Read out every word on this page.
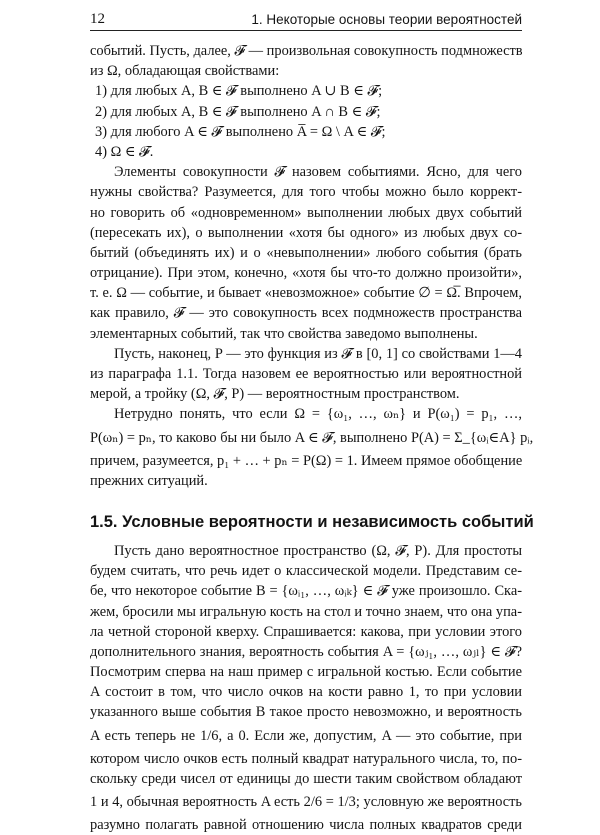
12	1. Некоторые основы теории вероятностей
событий. Пусть, далее, 𝓕 — произвольная совокупность подмножеств
из Ω, обладающая свойствами:
1) для любых A, B ∈ 𝓕 выполнено A ∪ B ∈ 𝓕;
2) для любых A, B ∈ 𝓕 выполнено A ∩ B ∈ 𝓕;
3) для любого A ∈ 𝓕 выполнено A̅ = Ω \ A ∈ 𝓕;
4) Ω ∈ 𝓕.
Элементы совокупности 𝓕 назовем событиями. Ясно, для чего
нужны свойства? Разумеется, для того чтобы можно было коррект-
но говорить об «одновременном» выполнении любых двух событий
(пересекать их), о выполнении «хотя бы одного» из любых двух со-
бытий (объединять их) и о «невыполнении» любого события (брать
отрицание). При этом, конечно, «хотя бы что-то должно произойти»,
т. е. Ω — событие, и бывает «невозможное» событие ∅ = Ω̅. Впрочем,
как правило, 𝓕 — это совокупность всех подмножеств пространства
элементарных событий, так что свойства заведомо выполнены.
Пусть, наконец, P — это функция из 𝓕 в [0, 1] со свойствами 1—4
из параграфа 1.1. Тогда назовем ее вероятностью или вероятностной
мерой, а тройку (Ω, 𝓕, P) — вероятностным пространством.
Нетрудно понять, что если Ω = {ω₁, …, ωₙ} и P(ω₁) = p₁, …,
P(ωₙ) = pₙ, то каково бы ни было A ∈ 𝓕, выполнено P(A) = Σ_{ωᵢ∈A} pᵢ,
причем, разумеется, p₁ + … + pₙ = P(Ω) = 1. Имеем прямое обобщение
прежних ситуаций.
1.5. Условные вероятности и независимость событий
Пусть дано вероятностное пространство (Ω, 𝓕, P). Для простоты
будем считать, что речь идет о классической модели. Представим се-
бе, что некоторое событие B = {ωᵢ₁, …, ωᵢₖ} ∈ 𝓕 уже произошло. Ска-
жем, бросили мы игральную кость на стол и точно знаем, что она упа-
ла четной стороной кверху. Спрашивается: какова, при условии этого
дополнительного знания, вероятность события A = {ωⱼ₁, …, ωⱼₗ} ∈ 𝓕?
Посмотрим сперва на наш пример с игральной костью. Если событие
A состоит в том, что число очков на кости равно 1, то при условии
указанного выше события B такое просто невозможно, и вероятность
A есть теперь не 1/6, а 0. Если же, допустим, A — это событие, при
котором число очков есть полный квадрат натурального числа, то, по-
скольку среди чисел от единицы до шести таким свойством обладают
1 и 4, обычная вероятность A есть 2/6 = 1/3; условную же вероятность
разумно полагать равной отношению числа полных квадратов среди
